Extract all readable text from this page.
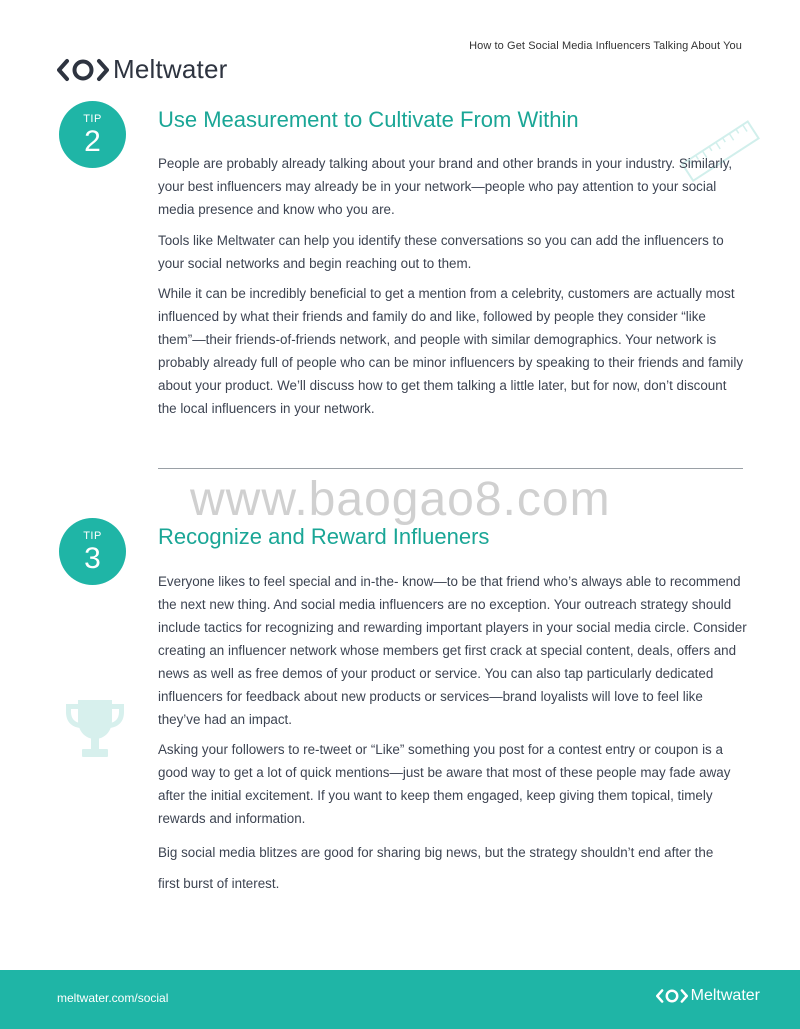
How to Get Social Media Influencers Talking About You
Meltwater
TIP
2
Use Measurement to Cultivate From Within

People are probably already talking about your brand and other brands in your industry. Similarly, your best influencers may already be in your network—people who pay attention to your social media presence and know who you are.

Tools like Meltwater can help you identify these conversations so you can add the influencers to your social networks and begin reaching out to them.

While it can be incredibly beneficial to get a mention from a celebrity, customers are actually most influenced by what their friends and family do and like, followed by people they consider “like them”—their friends-of-friends network, and people with similar demographics. Your network is probably already full of people who can be minor influencers by speaking to their friends and family about your product. We’ll discuss how to get them talking a little later, but for now, don’t discount the local influencers in your network.

www.baogao8.com
TIP
3
Recognize and Reward Influeners

Everyone likes to feel special and in-the- know—to be that friend who’s always able to recommend the next new thing. And social media influencers are no exception. Your outreach strategy should include tactics for recognizing and rewarding important players in your social media circle. Consider creating an influencer network whose members get first crack at special content, deals, offers and news as well as free demos of your product or service. You can also tap particularly dedicated influencers for feedback about new products or services—brand loyalists will love to feel like they’ve had an impact.

Asking your followers to re-tweet or “Like” something you post for a contest entry or coupon is a good way to get a lot of quick mentions—just be aware that most of these people may fade away after the initial excitement. If you want to keep them engaged, keep giving them topical, timely rewards and information.

Big social media blitzes are good for sharing big news, but the strategy shouldn’t end after the first burst of interest.

meltwater.com/social	Meltwater
